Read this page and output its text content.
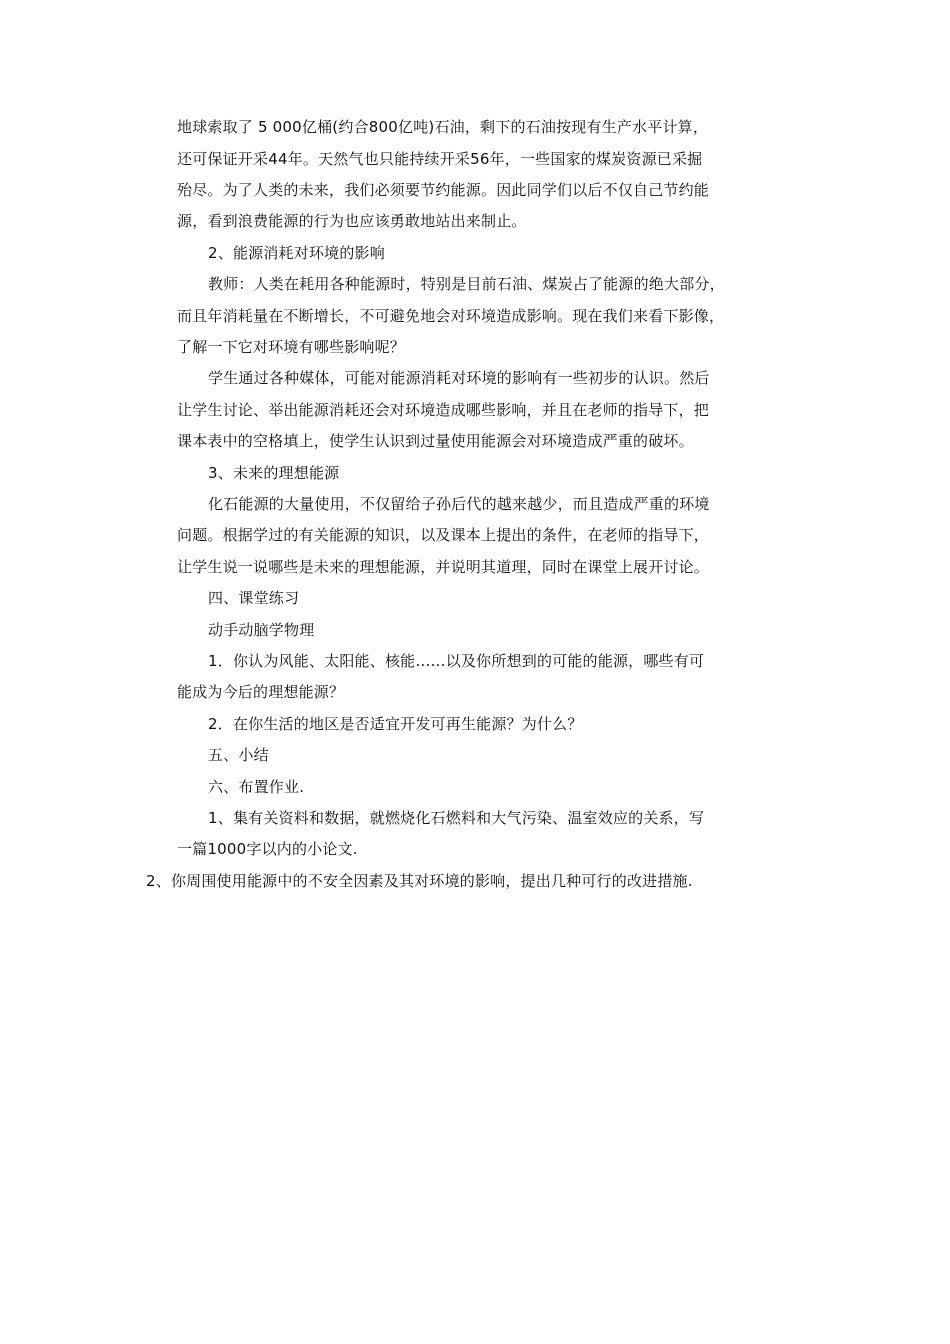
地球索取了 5 000亿桶(约合800亿吨)石油，剩下的石油按现有生产水平计算，
还可保证开采44年。天然气也只能持续开采56年，一些国家的煤炭资源已采掘
殆尽。为了人类的未来，我们必须要节约能源。因此同学们以后不仅自己节约能
源，看到浪费能源的行为也应该勇敢地站出来制止。
2、能源消耗对环境的影响
教师：人类在耗用各种能源时，特别是目前石油、煤炭占了能源的绝大部分，
而且年消耗量在不断增长，不可避免地会对环境造成影响。现在我们来看下影像，
了解一下它对环境有哪些影响呢？
学生通过各种媒体，可能对能源消耗对环境的影响有一些初步的认识。然后
让学生讨论、举出能源消耗还会对环境造成哪些影响，并且在老师的指导下，把
课本表中的空格填上，使学生认识到过量使用能源会对环境造成严重的破坏。
3、未来的理想能源
化石能源的大量使用，不仅留给子孙后代的越来越少，而且造成严重的环境
问题。根据学过的有关能源的知识，以及课本上提出的条件，在老师的指导下，
让学生说一说哪些是未来的理想能源，并说明其道理，同时在课堂上展开讨论。
四、课堂练习
动手动脑学物理
1．你认为风能、太阳能、核能……以及你所想到的可能的能源，哪些有可
能成为今后的理想能源？
2．在你生活的地区是否适宜开发可再生能源？为什么？
五、小结
六、布置作业.
1、集有关资料和数据，就燃烧化石燃料和大气污染、温室效应的关系，写
一篇1000字以内的小论文.
2、你周围使用能源中的不安全因素及其对环境的影响，提出几种可行的改进措施.
